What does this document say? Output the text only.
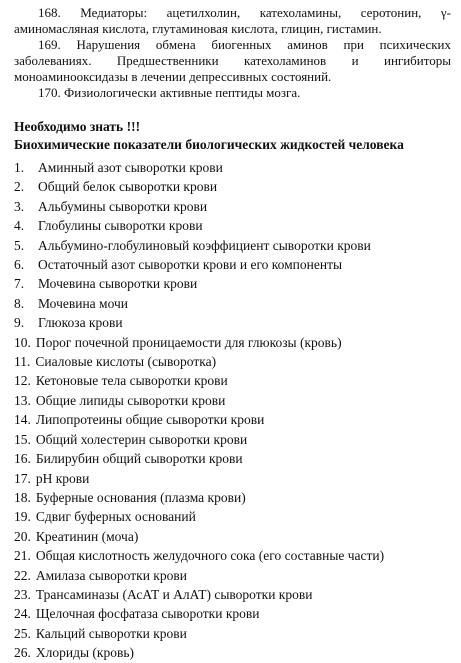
168. Медиаторы: ацетилхолин, катехоламины, серотонин, γ-аминомасляная кислота, глутаминовая кислота, глицин, гистамин.

169. Нарушения обмена биогенных аминов при психических заболеваниях. Предшественники катехоламинов и ингибиторы моноаминооксидазы в лечении депрессивных состояний.

170. Физиологически активные пептиды мозга.

Необходимо знать !!!

Биохимические показатели биологических жидкостей человека

1.	Аминный азот сыворотки крови
2.	Общий белок сыворотки крови
3.	Альбумины сыворотки крови
4.	Глобулины сыворотки крови
5.	Альбумино-глобулиновый коэффициент сыворотки крови
6.	Остаточный азот сыворотки крови и его компоненты
7.	Мочевина сыворотки крови
8.	Мочевина мочи
9.	Глюкоза крови
10. Порог почечной проницаемости для глюкозы (кровь)
11. Сиаловые кислоты (сыворотка)
12. Кетоновые тела сыворотки крови
13. Общие липиды сыворотки крови
14. Липопротеины общие сыворотки крови
15. Общий холестерин сыворотки крови
16. Билирубин общий сыворотки крови
17. pH крови
18. Буферные основания (плазма крови)
19. Сдвиг буферных оснований
20. Креатинин (моча)
21. Общая кислотность желудочного сока (его составные части)
22. Амилаза сыворотки крови
23. Трансаминазы (АсАТ и АлАТ) сыворотки крови
24. Щелочная фосфатаза сыворотки крови
25. Кальций сыворотки крови
26. Хлориды (кровь)
